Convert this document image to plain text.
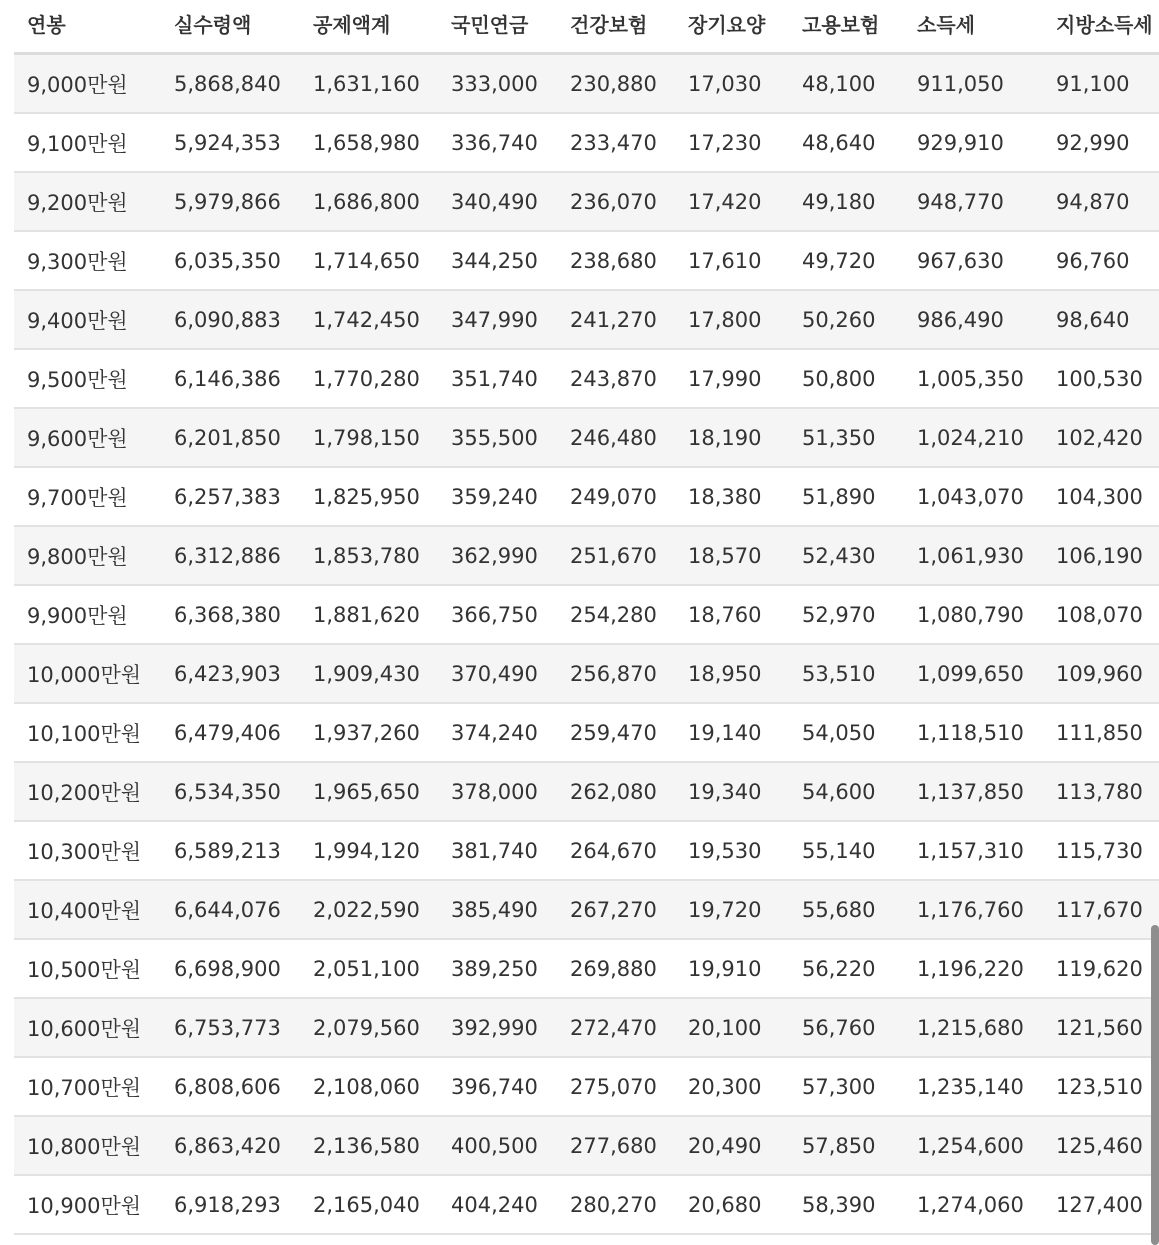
연봉	실수령액	공제액계	국민연금	건강보험	장기요양	고용보험	소득세	지방소득세
9,000만원	5,868,840	1,631,160	333,000	230,880	17,030	48,100	911,050	91,100
9,100만원	5,924,353	1,658,980	336,740	233,470	17,230	48,640	929,910	92,990
9,200만원	5,979,866	1,686,800	340,490	236,070	17,420	49,180	948,770	94,870
9,300만원	6,035,350	1,714,650	344,250	238,680	17,610	49,720	967,630	96,760
9,400만원	6,090,883	1,742,450	347,990	241,270	17,800	50,260	986,490	98,640
9,500만원	6,146,386	1,770,280	351,740	243,870	17,990	50,800	1,005,350	100,530
9,600만원	6,201,850	1,798,150	355,500	246,480	18,190	51,350	1,024,210	102,420
9,700만원	6,257,383	1,825,950	359,240	249,070	18,380	51,890	1,043,070	104,300
9,800만원	6,312,886	1,853,780	362,990	251,670	18,570	52,430	1,061,930	106,190
9,900만원	6,368,380	1,881,620	366,750	254,280	18,760	52,970	1,080,790	108,070
10,000만원	6,423,903	1,909,430	370,490	256,870	18,950	53,510	1,099,650	109,960
10,100만원	6,479,406	1,937,260	374,240	259,470	19,140	54,050	1,118,510	111,850
10,200만원	6,534,350	1,965,650	378,000	262,080	19,340	54,600	1,137,850	113,780
10,300만원	6,589,213	1,994,120	381,740	264,670	19,530	55,140	1,157,310	115,730
10,400만원	6,644,076	2,022,590	385,490	267,270	19,720	55,680	1,176,760	117,670
10,500만원	6,698,900	2,051,100	389,250	269,880	19,910	56,220	1,196,220	119,620
10,600만원	6,753,773	2,079,560	392,990	272,470	20,100	56,760	1,215,680	121,560
10,700만원	6,808,606	2,108,060	396,740	275,070	20,300	57,300	1,235,140	123,510
10,800만원	6,863,420	2,136,580	400,500	277,680	20,490	57,850	1,254,600	125,460
10,900만원	6,918,293	2,165,040	404,240	280,270	20,680	58,390	1,274,060	127,400
